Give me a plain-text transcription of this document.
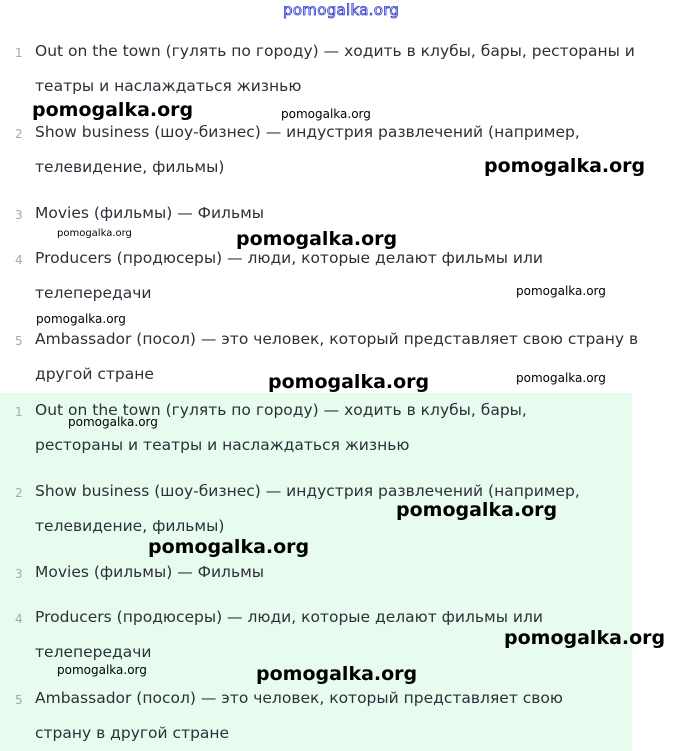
pomogalka.org
1 Out on the town (гулять по городу) — ходить в клубы, бары, рестораны и
театры и наслаждаться жизнью
2 Show business (шоу-бизнес) — индустрия развлечений (например,
телевидение, фильмы)
3 Movies (фильмы) — Фильмы
4 Producers (продюсеры) — люди, которые делают фильмы или
телепередачи
5 Ambassador (посол) — это человек, который представляет свою страну в
другой стране
1 Out on the town (гулять по городу) — ходить в клубы, бары,
рестораны и театры и наслаждаться жизнью
2 Show business (шоу-бизнес) — индустрия развлечений (например,
телевидение, фильмы)
3 Movies (фильмы) — Фильмы
4 Producers (продюсеры) — люди, которые делают фильмы или
телепередачи
5 Ambassador (посол) — это человек, который представляет свою
страну в другой стране
pomogalka.org	pomogalka.org
pomogalka.org
pomogalka.org	pomogalka.org
pomogalka.org
pomogalka.org
pomogalka.org	pomogalka.org
pomogalka.org
pomogalka.org
pomogalka.org
pomogalka.org
pomogalka.org	pomogalka.org
